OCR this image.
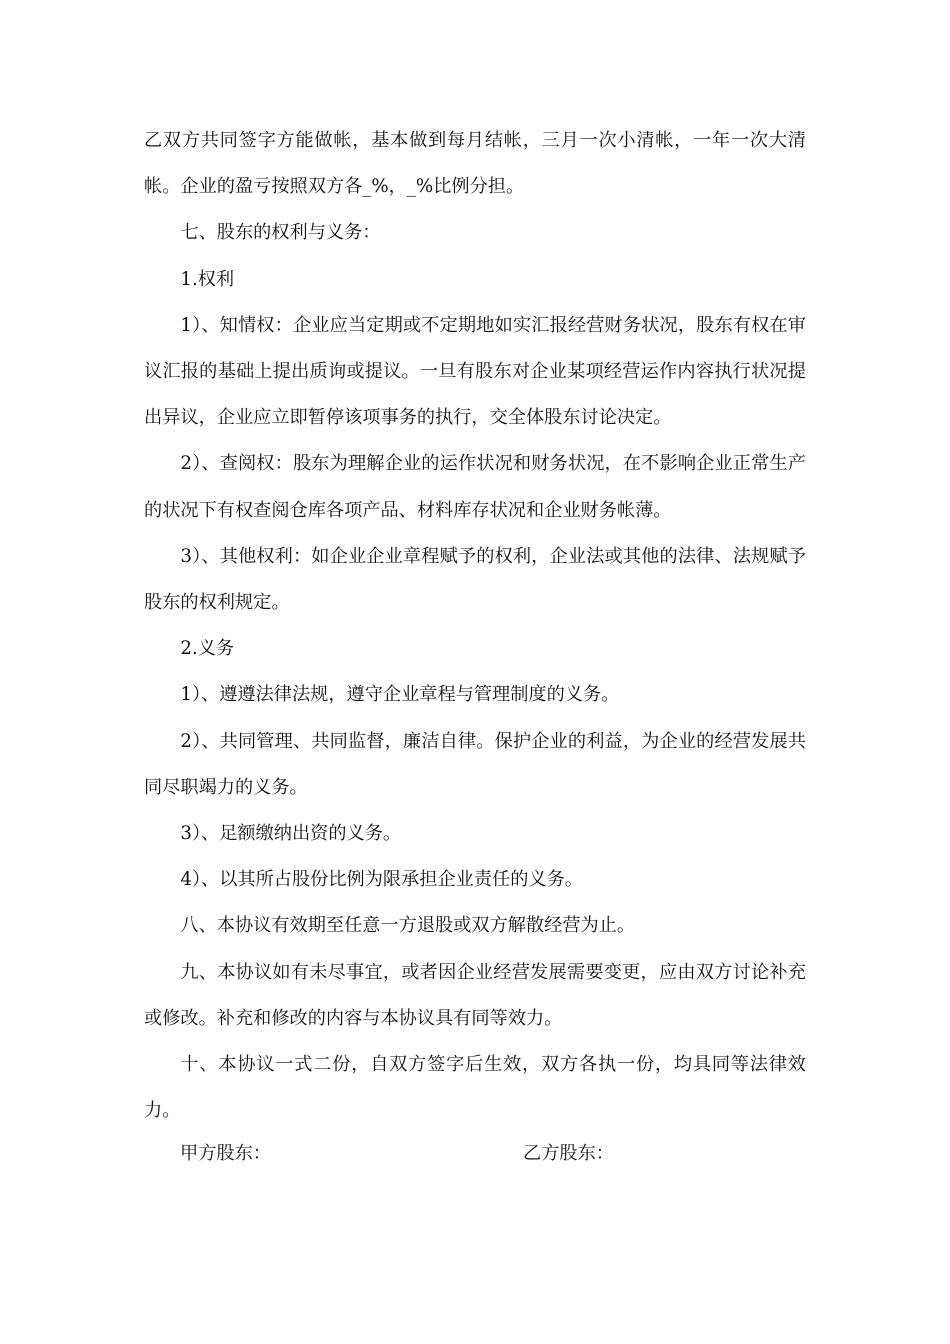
乙双方共同签字方能做帐，基本做到每月结帐，三月一次小清帐，一年一次大清帐。企业的盈亏按照双方各_%，_%比例分担。

七、股东的权利与义务：

1.权利

1）、知情权：企业应当定期或不定期地如实汇报经营财务状况，股东有权在审议汇报的基础上提出质询或提议。一旦有股东对企业某项经营运作内容执行状况提出异议，企业应立即暂停该项事务的执行，交全体股东讨论决定。

2）、查阅权：股东为理解企业的运作状况和财务状况，在不影响企业正常生产的状况下有权查阅仓库各项产品、材料库存状况和企业财务帐薄。

3）、其他权利：如企业企业章程赋予的权利，企业法或其他的法律、法规赋予股东的权利规定。

2.义务

1）、遵遵法律法规，遵守企业章程与管理制度的义务。

2）、共同管理、共同监督，廉洁自律。保护企业的利益，为企业的经营发展共同尽职竭力的义务。

3）、足额缴纳出资的义务。

4）、以其所占股份比例为限承担企业责任的义务。

八、本协议有效期至任意一方退股或双方解散经营为止。

九、本协议如有未尽事宜，或者因企业经营发展需要变更，应由双方讨论补充或修改。补充和修改的内容与本协议具有同等效力。

十、本协议一式二份，自双方签字后生效，双方各执一份，均具同等法律效力。

甲方股东：	乙方股东：
